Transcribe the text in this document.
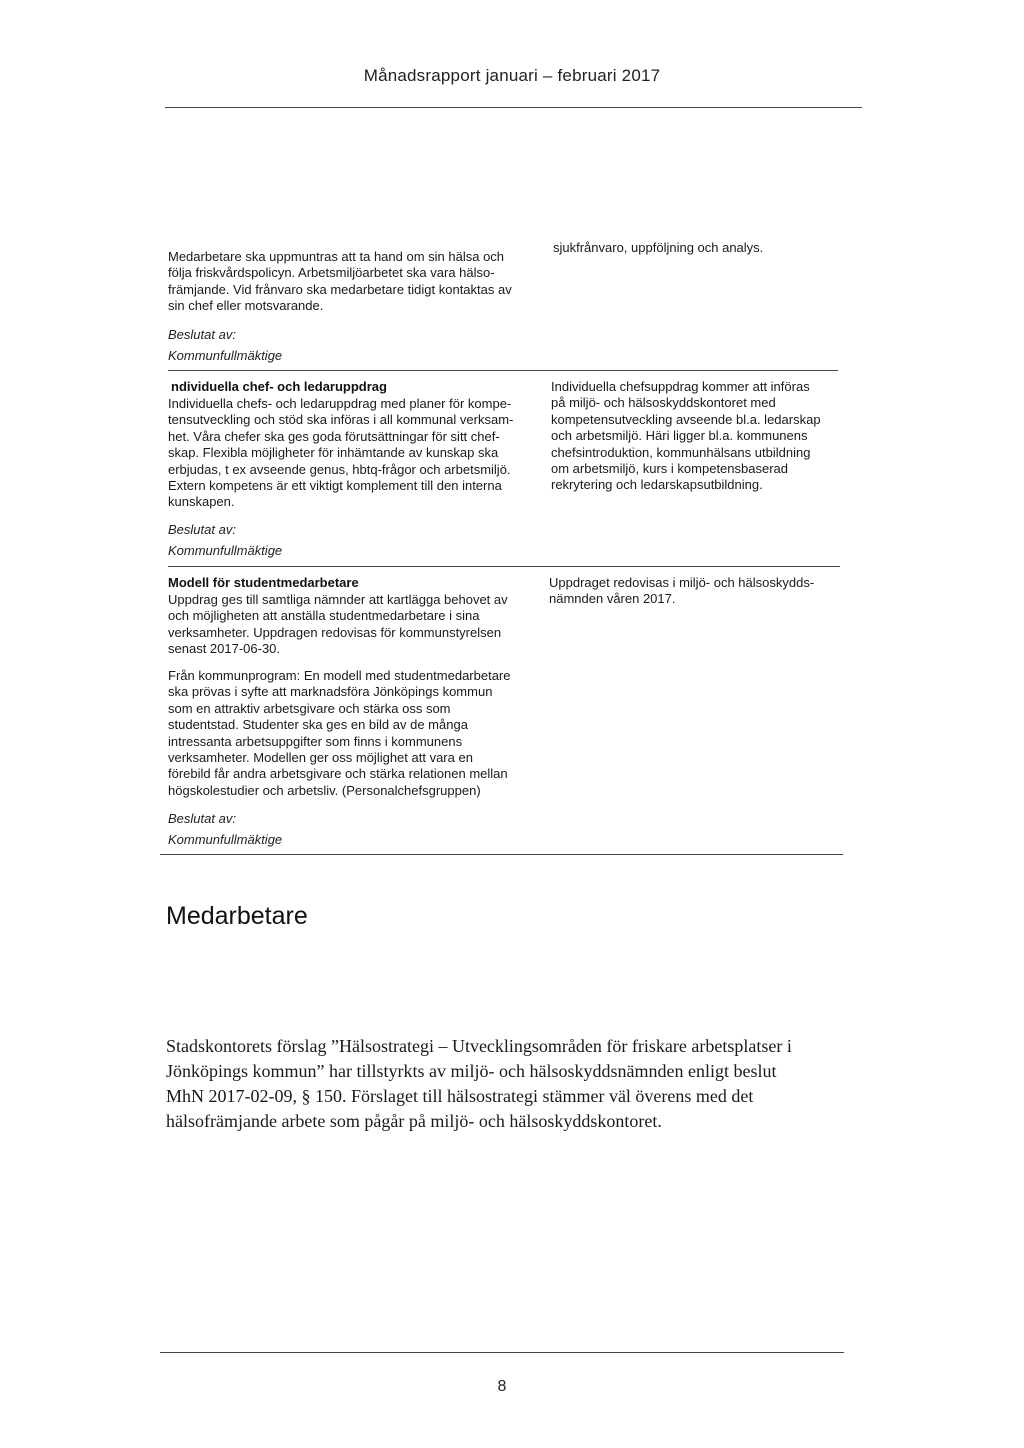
Månadsrapport januari – februari 2017
Medarbetare ska uppmuntras att ta hand om sin hälsa och
följa friskvårdspolicyn. Arbetsmiljöarbetet ska vara hälso-
främjande. Vid frånvaro ska medarbetare tidigt kontaktas av
sin chef eller motsvarande.
sjukfrånvaro, uppföljning och analys.
Beslutat av:
Kommunfullmäktige
ndividuella chef- och ledaruppdrag
Individuella chefs- och ledaruppdrag med planer för kompe-
tensutveckling och stöd ska införas i all kommunal verksam-
het. Våra chefer ska ges goda förutsättningar för sitt chef-
skap. Flexibla möjligheter för inhämtande av kunskap ska
erbjudas, t ex avseende genus, hbtq-frågor och arbetsmiljö.
Extern kompetens är ett viktigt komplement till den interna
kunskapen.
Individuella chefsuppdrag kommer att införas
på miljö- och hälsoskyddskontoret med
kompetensutveckling avseende bl.a. ledarskap
och arbetsmiljö. Häri ligger bl.a. kommunens
chefsintroduktion, kommunhälsans utbildning
om arbetsmiljö, kurs i kompetensbaserad
rekrytering och ledarskapsutbildning.
Beslutat av:
Kommunfullmäktige
Modell för studentmedarbetare
Uppdrag ges till samtliga nämnder att kartlägga behovet av
och möjligheten att anställa studentmedarbetare i sina
verksamheter. Uppdragen redovisas för kommunstyrelsen
senast 2017-06-30.
Från kommunprogram: En modell med studentmedarbetare
ska prövas i syfte att marknadsföra Jönköpings kommun
som en attraktiv arbetsgivare och stärka oss som
studentstad. Studenter ska ges en bild av de många
intressanta arbetsuppgifter som finns i kommunens
verksamheter. Modellen ger oss möjlighet att vara en
förebild får andra arbetsgivare och stärka relationen mellan
högskolestudier och arbetsliv. (Personalchefsgruppen)
Uppdraget redovisas i miljö- och hälsoskydds-
nämnden våren 2017.
Beslutat av:
Kommunfullmäktige
Medarbetare
Stadskontorets förslag ”Hälsostrategi – Utvecklingsområden för friskare arbetsplatser i
Jönköpings kommun” har tillstyrkts av miljö- och hälsoskyddsnämnden enligt beslut
MhN 2017-02-09, § 150. Förslaget till hälsostrategi stämmer väl överens med det
hälsofrämjande arbete som pågår på miljö- och hälsoskyddskontoret.
8
